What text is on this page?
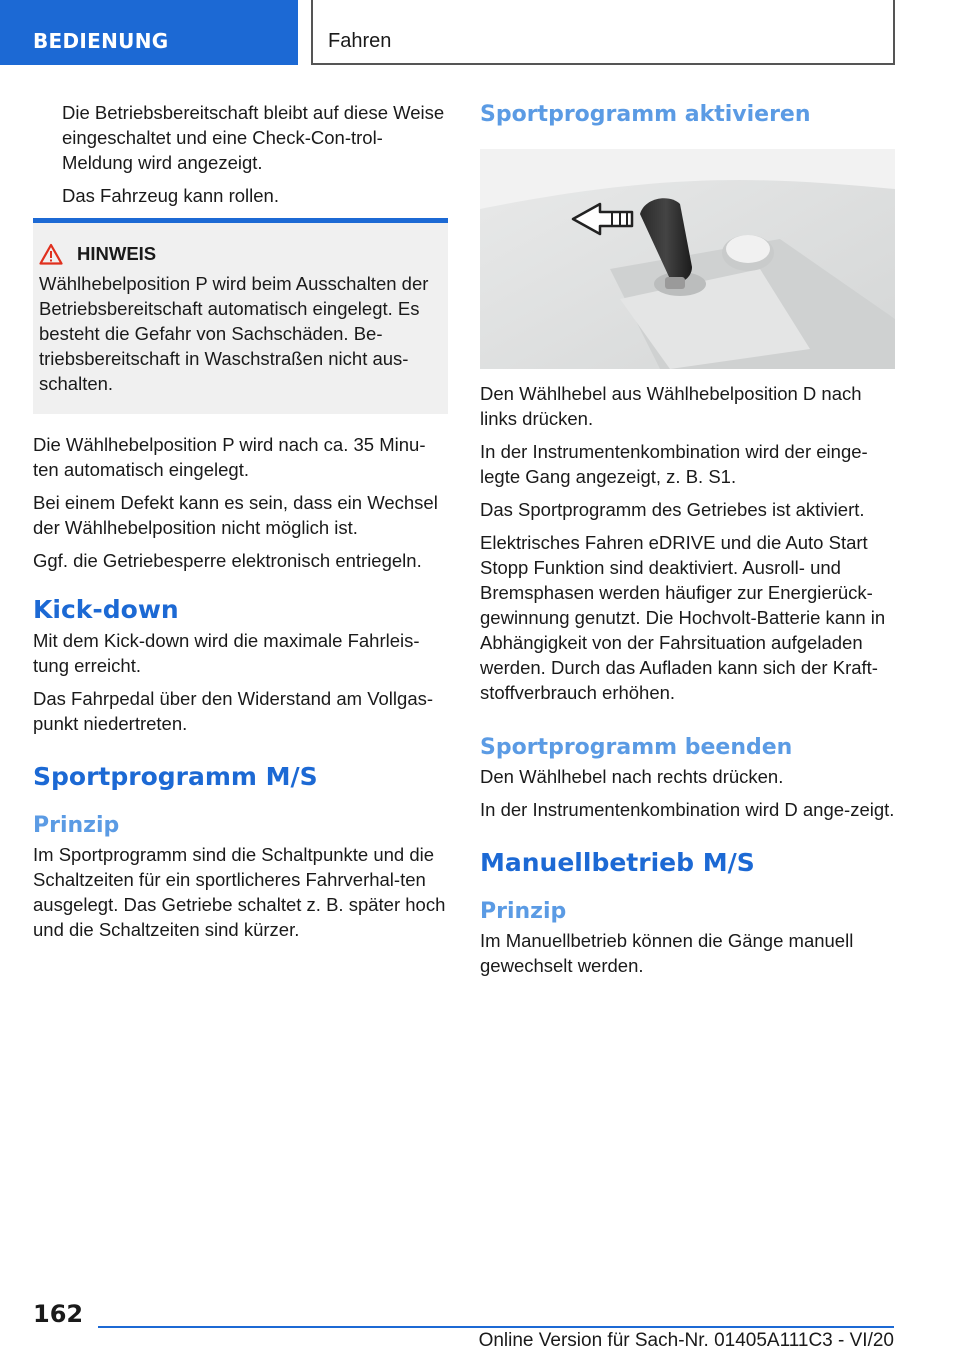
BEDIENUNG	Fahren

Die Betriebsbereitschaft bleibt auf diese Weise eingeschaltet und eine Check-Con-trol-Meldung wird angezeigt.

Das Fahrzeug kann rollen.

HINWEIS

Wählhebelposition P wird beim Ausschalten der Betriebsbereitschaft automatisch eingelegt. Es besteht die Gefahr von Sachschäden. Be-triebsbereitschaft in Waschstraßen nicht aus-schalten.

Die Wählhebelposition P wird nach ca. 35 Minu-ten automatisch eingelegt.

Bei einem Defekt kann es sein, dass ein Wechsel der Wählhebelposition nicht möglich ist.

Ggf. die Getriebesperre elektronisch entriegeln.

Kick-down

Mit dem Kick-down wird die maximale Fahrleis-tung erreicht.

Das Fahrpedal über den Widerstand am Vollgas-punkt niedertreten.

Sportprogramm M/S
Prinzip

Im Sportprogramm sind die Schaltpunkte und die Schaltzeiten für ein sportlicheres Fahrverhal-ten ausgelegt. Das Getriebe schaltet z. B. später hoch und die Schaltzeiten sind kürzer.

Sportprogramm aktivieren

Den Wählhebel aus Wählhebelposition D nach links drücken.

In der Instrumentenkombination wird der einge-legte Gang angezeigt, z. B. S1.

Das Sportprogramm des Getriebes ist aktiviert.

Elektrisches Fahren eDRIVE und die Auto Start Stopp Funktion sind deaktiviert. Ausroll- und Bremsphasen werden häufiger zur Energierück-gewinnung genutzt. Die Hochvolt-Batterie kann in Abhängigkeit von der Fahrsituation aufgeladen werden. Durch das Aufladen kann sich der Kraft-stoffverbrauch erhöhen.

Sportprogramm beenden

Den Wählhebel nach rechts drücken.

In der Instrumentenkombination wird D ange-zeigt.

Manuellbetrieb M/S
Prinzip

Im Manuellbetrieb können die Gänge manuell gewechselt werden.

162
Online Version für Sach-Nr. 01405A111C3 - VI/20
